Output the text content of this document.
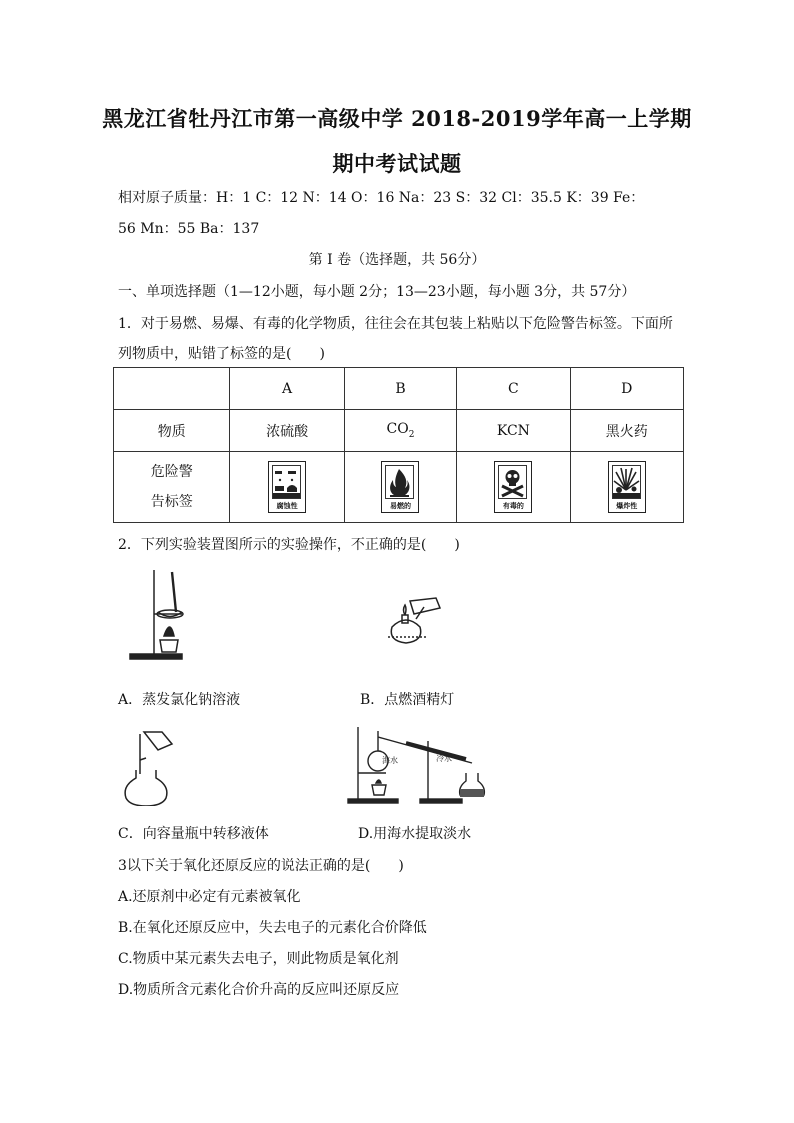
黑龙江省牡丹江市第一高级中学 2018-2019学年高一上学期
期中考试试题
相对原子质量：H：1 C：12 N：14 O：16 Na：23 S：32 Cl：35.5 K：39 Fe：
56 Mn：55 Ba：137
第 I 卷（选择题，共 56分）
一、单项选择题（1—12小题，每小题 2分；13—23小题，每小题 3分，共 57分）
1．对于易燃、易爆、有毒的化学物质，往往会在其包装上粘贴以下危险警告标签。下面所
列物质中，贴错了标签的是(　　)
	A	B	C	D
物质	浓硫酸	$CO_2$	KCN	黑火药

危险警
告标签	腐蚀性	易燃的	有毒的	爆炸性
2．下列实验装置图所示的实验操作，不正确的是(　　)
A．蒸发氯化钠溶液	B．点燃酒精灯
海水	冷水
C．向容量瓶中转移液体	D.用海水提取淡水
3以下关于氧化还原反应的说法正确的是(　　)
A.还原剂中必定有元素被氧化
B.在氧化还原反应中，失去电子的元素化合价降低
C.物质中某元素失去电子，则此物质是氧化剂
D.物质所含元素化合价升高的反应叫还原反应
